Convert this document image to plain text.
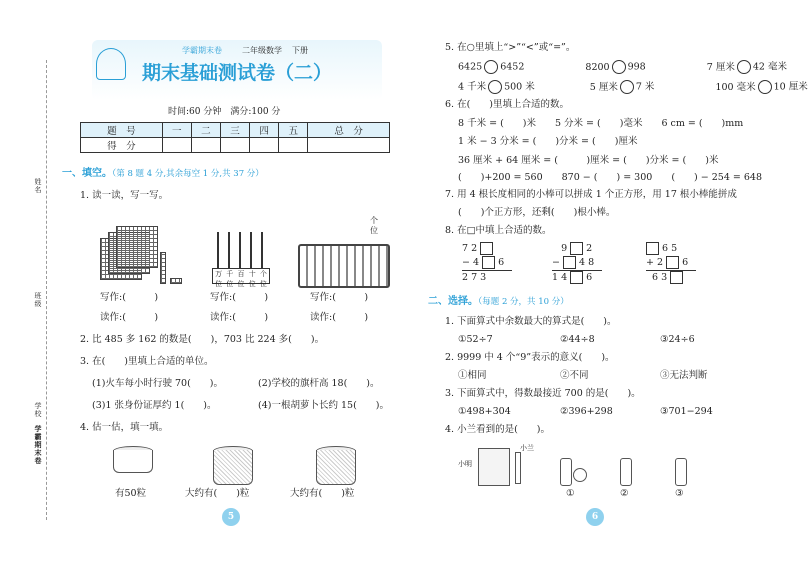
姓名
班级
学校
学霸期末卷
学霸期末卷	二年级数学 下册
期末基础测试卷（二）
时间:60 分钟　满分:100 分
题　号	一	二	三	四	五	总　分
得　分						
一、填空。（第 8 题 4 分,其余每空 1 分,共 37 分）
1. 读一读，写一写。
万位
千位
百位
十位
个位
个位
写作:(　　　)	写作:(　　　)	写作:(　　　)
读作:(　　　)	读作:(　　　)	读作:(　　　)
2. 比 485 多 162 的数是(　　)，703 比 224 多(　　)。
3. 在(　　)里填上合适的单位。
(1)火车每小时行驶 70(　　)。	(2)学校的旗杆高 18(　　)。
(3)1 张身份证厚约 1(　　)。	(4)一根胡萝卜长约 15(　　)。
4. 估一估，填一填。
有50粒	大约有(　　)粒	大约有(　　)粒
5. 在○里填上“>”“<”或“=”。
6425 6452	8200 998	7 厘米 42 毫米
4 千米 500 米	5 厘米 7 米	100 毫米 10 厘米
6. 在(　　)里填上合适的数。
8 千米 = (　　)米　　5 分米 = (　　)毫米　　6 cm = (　　)mm
1 米 − 3 分米 = (　　)分米 = (　　)厘米
36 厘米 + 64 厘米 = (　　　)厘米 = (　　)分米 = (　　)米
(　　)+200 = 560　　870 − (　　) = 300　　(　　) − 254 = 648
7. 用 4 根长度相同的小棒可以拼成 1 个正方形，用 17 根小棒能拼成
(　　)个正方形，还剩(　　)根小棒。
8. 在□中填上合适的数。
7 2
− 4 6
2 7 3
9 2
− 4 8
1 4 6
6 5
+ 2 6
6 3
二、选择。（每题 2 分，共 10 分）
1. 下面算式中余数最大的算式是(　　)。
①52÷7	②44÷8	③24÷6
2. 9999 中 4 个“9”表示的意义(　　)。
①相同	②不同	③无法判断
3. 下面算式中，得数最接近 700 的是(　　)。
①498+304	②396+298	③701−294
4. 小兰看到的是(　　)。
小明
小兰
①	②	③
5	6
